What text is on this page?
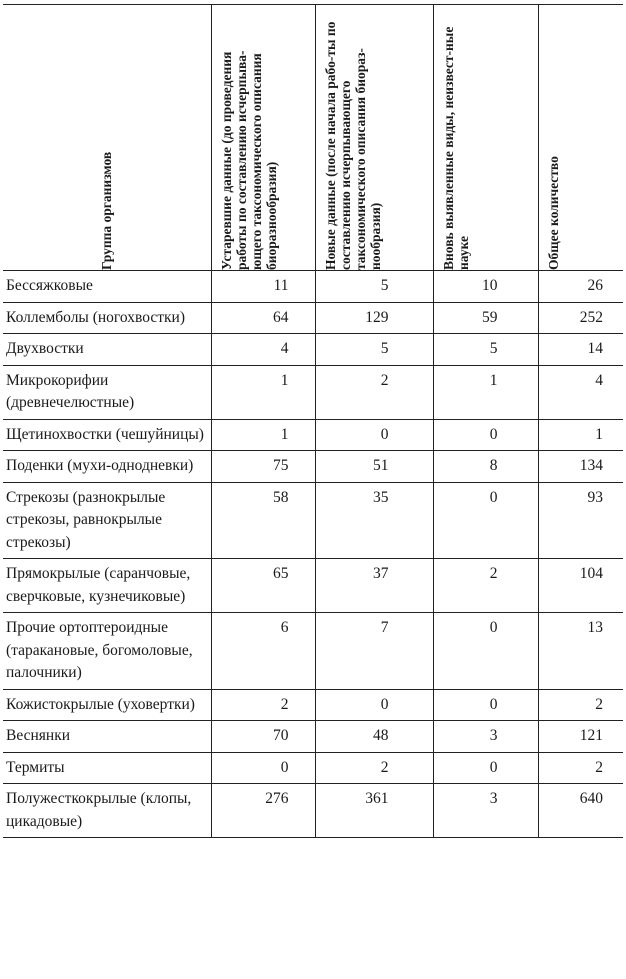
Группа организмов	Устаревшие данные (до проведения работы по составлению исчерпыва-ющего таксономического описания биоразнообразия)	Новые данные (после начала рабо-ты по составлению исчерпывающего таксономического описания биораз-нообразия)	Вновь выявленные виды, неизвест-ные науке	Общее количество

Бессяжковые	11	5	10	26
Коллемболы (ногохвостки)	64	129	59	252
Двухвостки	4	5	5	14
Микрокорифии (древнечелюстные)	1	2	1	4
Щетинохвостки (чешуйницы)	1	0	0	1
Поденки (мухи-однодневки)	75	51	8	134
Стрекозы (разнокрылые стрекозы, равнокрылые стрекозы)	58	35	0	93
Прямокрылые (саранчовые, сверчковые, кузнечиковые)	65	37	2	104
Прочие ортоптероидные (таракановые, богомоловые, палочники)	6	7	0	13
Кожистокрылые (уховертки)	2	0	0	2
Веснянки	70	48	3	121
Термиты	0	2	0	2
Полужесткокрылые (клопы, цикадовые)	276	361	3	640
